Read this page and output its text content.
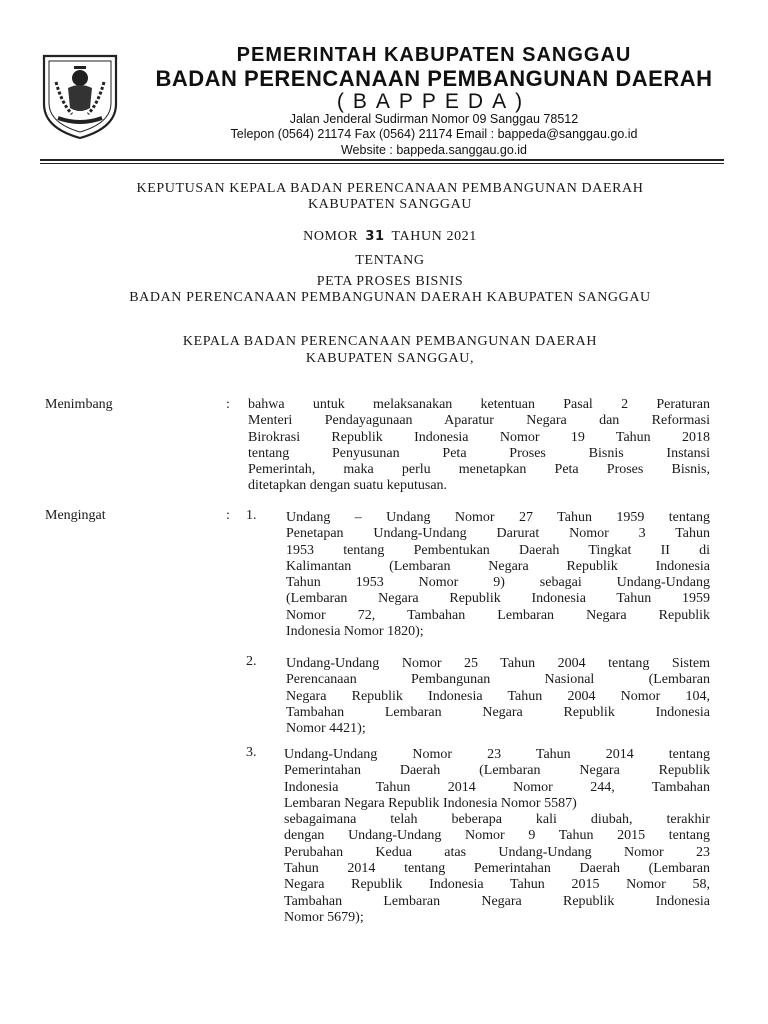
PEMERINTAH KABUPATEN SANGGAU
BADAN PERENCANAAN PEMBANGUNAN DAERAH
(BAPPEDA)
Jalan Jenderal Sudirman Nomor 09 Sanggau 78512
Telepon (0564) 21174 Fax (0564) 21174 Email : bappeda@sanggau.go.id
Website : bappeda.sanggau.go.id
KEPUTUSAN KEPALA BADAN PERENCANAAN PEMBANGUNAN DAERAH
KABUPATEN SANGGAU
NOMOR 31 TAHUN 2021
TENTANG
PETA PROSES BISNIS
BADAN PERENCANAAN PEMBANGUNAN DAERAH KABUPATEN SANGGAU
KEPALA BADAN PERENCANAAN PEMBANGUNAN DAERAH
KABUPATEN SANGGAU,
Menimbang	: bahwa untuk melaksanakan ketentuan Pasal 2 Peraturan
Menteri Pendayagunaan Aparatur Negara dan Reformasi
Birokrasi Republik Indonesia Nomor 19 Tahun 2018
tentang Penyusunan Peta Proses Bisnis Instansi
Pemerintah, maka perlu menetapkan Peta Proses Bisnis,
ditetapkan dengan suatu keputusan.
Mengingat	: 1. Undang – Undang Nomor 27 Tahun 1959 tentang
Penetapan Undang-Undang Darurat Nomor 3 Tahun
1953 tentang Pembentukan Daerah Tingkat II di
Kalimantan (Lembaran Negara Republik Indonesia
Tahun 1953 Nomor 9) sebagai Undang-Undang
(Lembaran Negara Republik Indonesia Tahun 1959
Nomor 72, Tambahan Lembaran Negara Republik
Indonesia Nomor 1820);
2. Undang-Undang Nomor 25 Tahun 2004 tentang Sistem
Perencanaan Pembangunan Nasional (Lembaran
Negara Republik Indonesia Tahun 2004 Nomor 104,
Tambahan Lembaran Negara Republik Indonesia
Nomor 4421);
3. Undang-Undang Nomor 23 Tahun 2014 tentang
Pemerintahan Daerah (Lembaran Negara Republik
Indonesia Tahun 2014 Nomor 244, Tambahan
Lembaran Negara Republik Indonesia Nomor 5587)
sebagaimana telah beberapa kali diubah, terakhir
dengan Undang-Undang Nomor 9 Tahun 2015 tentang
Perubahan Kedua atas Undang-Undang Nomor 23
Tahun 2014 tentang Pemerintahan Daerah (Lembaran
Negara Republik Indonesia Tahun 2015 Nomor 58,
Tambahan Lembaran Negara Republik Indonesia
Nomor 5679);
